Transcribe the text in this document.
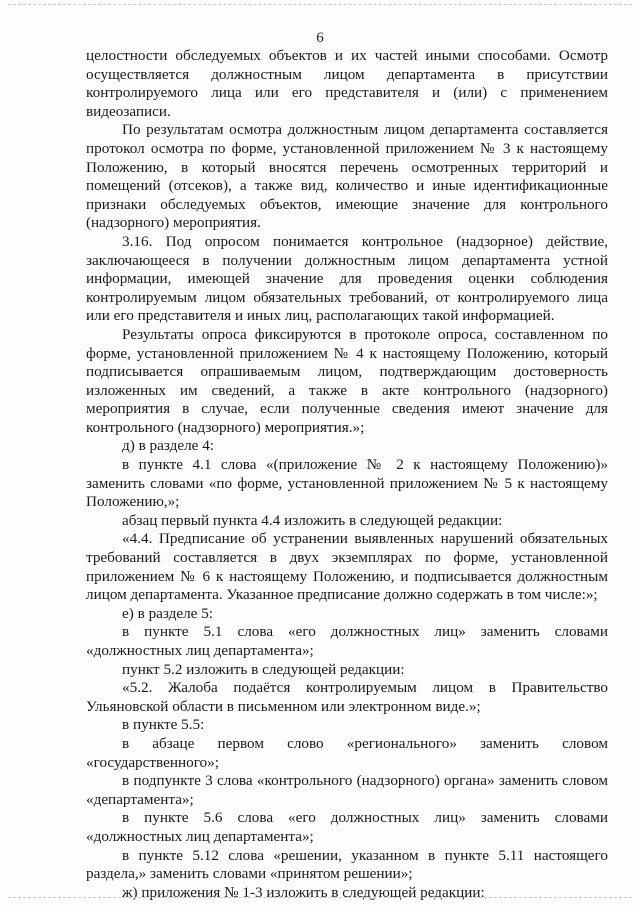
6

целостности обследуемых объектов и их частей иными способами. Осмотр осуществляется должностным лицом департамента в присутствии контролируемого лица или его представителя и (или) с применением видеозаписи.

По результатам осмотра должностным лицом департамента составляется протокол осмотра по форме, установленной приложением № 3 к настоящему Положению, в который вносятся перечень осмотренных территорий и помещений (отсеков), а также вид, количество и иные идентификационные признаки обследуемых объектов, имеющие значение для контрольного (надзорного) мероприятия.

3.16. Под опросом понимается контрольное (надзорное) действие, заключающееся в получении должностным лицом департамента устной информации, имеющей значение для проведения оценки соблюдения контролируемым лицом обязательных требований, от контролируемого лица или его представителя и иных лиц, располагающих такой информацией.

Результаты опроса фиксируются в протоколе опроса, составленном по форме, установленной приложением № 4 к настоящему Положению, который подписывается опрашиваемым лицом, подтверждающим достоверность изложенных им сведений, а также в акте контрольного (надзорного) мероприятия в случае, если полученные сведения имеют значение для контрольного (надзорного) мероприятия.»;

д) в разделе 4:

в пункте 4.1 слова «(приложение № 2 к настоящему Положению)» заменить словами «по форме, установленной приложением № 5 к настоящему Положению,»;

абзац первый пункта 4.4 изложить в следующей редакции:

«4.4. Предписание об устранении выявленных нарушений обязательных требований составляется в двух экземплярах по форме, установленной приложением № 6 к настоящему Положению, и подписывается должностным лицом департамента. Указанное предписание должно содержать в том числе:»;

е) в разделе 5:

в пункте 5.1 слова «его должностных лиц» заменить словами «должностных лиц департамента»;

пункт 5.2 изложить в следующей редакции:

«5.2. Жалоба подаётся контролируемым лицом в Правительство Ульяновской области в письменном или электронном виде.»;

в пункте 5.5:

в абзаце первом слово «регионального» заменить словом «государственного»;

в подпункте 3 слова «контрольного (надзорного) органа» заменить словом «департамента»;

в пункте 5.6 слова «его должностных лиц» заменить словами «должностных лиц департамента»;

в пункте 5.12 слова «решении, указанном в пункте 5.11 настоящего раздела,» заменить словами «принятом решении»;

ж) приложения № 1-3 изложить в следующей редакции:
